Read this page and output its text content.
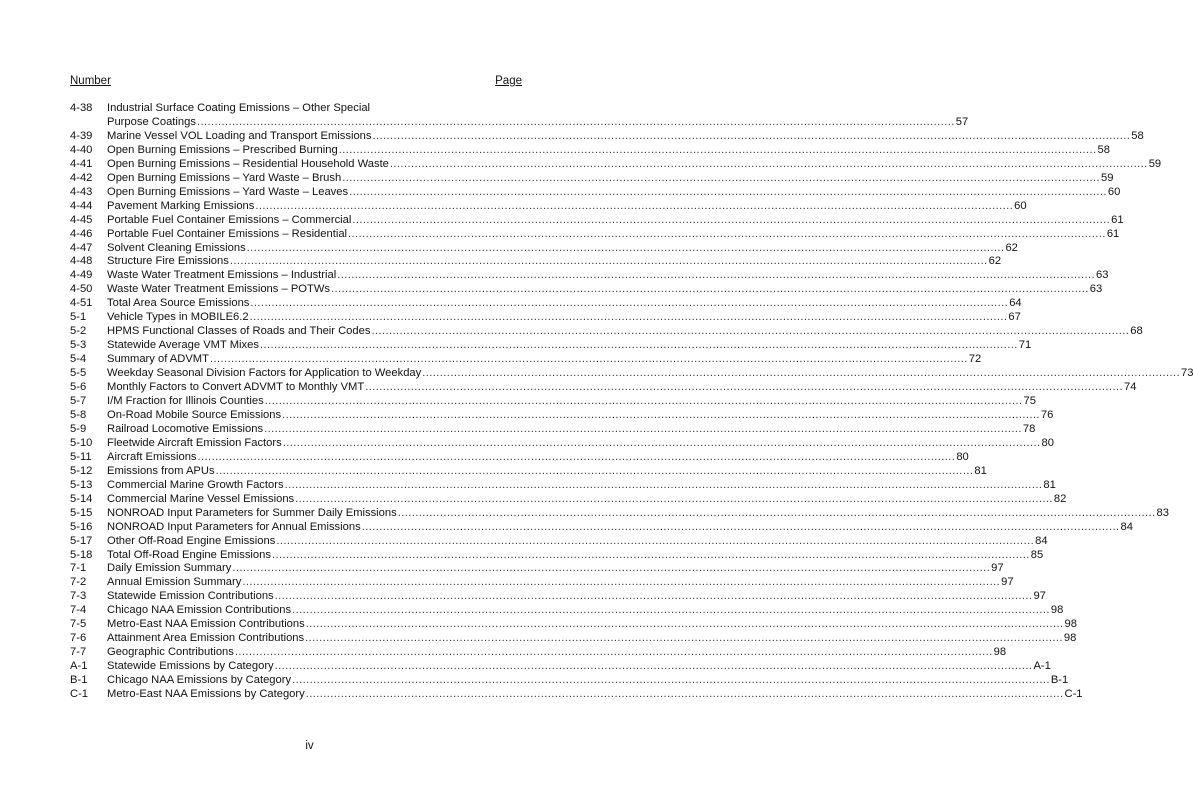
Number	Page
4-38	Industrial Surface Coating Emissions – Other Special
Purpose Coatings .....	57
4-39	Marine Vessel VOL Loading and Transport Emissions .....	58
4-40	Open Burning Emissions – Prescribed Burning .....	58
4-41	Open Burning Emissions – Residential Household Waste .....	59
4-42	Open Burning Emissions – Yard Waste – Brush .....	59
4-43	Open Burning Emissions – Yard Waste – Leaves .....	60
4-44	Pavement Marking Emissions .....	60
4-45	Portable Fuel Container Emissions – Commercial .....	61
4-46	Portable Fuel Container Emissions – Residential .....	61
4-47	Solvent Cleaning Emissions .....	62
4-48	Structure Fire Emissions .....	62
4-49	Waste Water Treatment Emissions – Industrial .....	63
4-50	Waste Water Treatment Emissions – POTWs .....	63
4-51	Total Area Source Emissions .....	64
5-1	Vehicle Types in MOBILE6.2 .....	67
5-2	HPMS Functional Classes of Roads and Their Codes .....	68
5-3	Statewide Average VMT Mixes .....	71
5-4	Summary of ADVMT .....	72
5-5	Weekday Seasonal Division Factors for Application to Weekday .....	73
5-6	Monthly Factors to Convert ADVMT to Monthly VMT .....	74
5-7	I/M Fraction for Illinois Counties .....	75
5-8	On-Road Mobile Source Emissions .....	76
5-9	Railroad Locomotive Emissions .....	78
5-10	Fleetwide Aircraft Emission Factors .....	80
5-11	Aircraft Emissions .....	80
5-12	Emissions from APUs .....	81
5-13	Commercial Marine Growth Factors .....	81
5-14	Commercial Marine Vessel Emissions .....	82
5-15	NONROAD Input Parameters for Summer Daily Emissions .....	83
5-16	NONROAD Input Parameters for Annual Emissions .....	84
5-17	Other Off-Road Engine Emissions .....	84
5-18	Total Off-Road Engine Emissions .....	85
7-1	Daily Emission Summary .....	97
7-2	Annual Emission Summary .....	97
7-3	Statewide Emission Contributions .....	97
7-4	Chicago NAA Emission Contributions .....	98
7-5	Metro-East NAA Emission Contributions .....	98
7-6	Attainment Area Emission Contributions .....	98
7-7	Geographic Contributions .....	98
A-1	Statewide Emissions by Category .....	A-1
B-1	Chicago NAA Emissions by Category .....	B-1
C-1	Metro-East NAA Emissions by Category .....	C-1
iv
